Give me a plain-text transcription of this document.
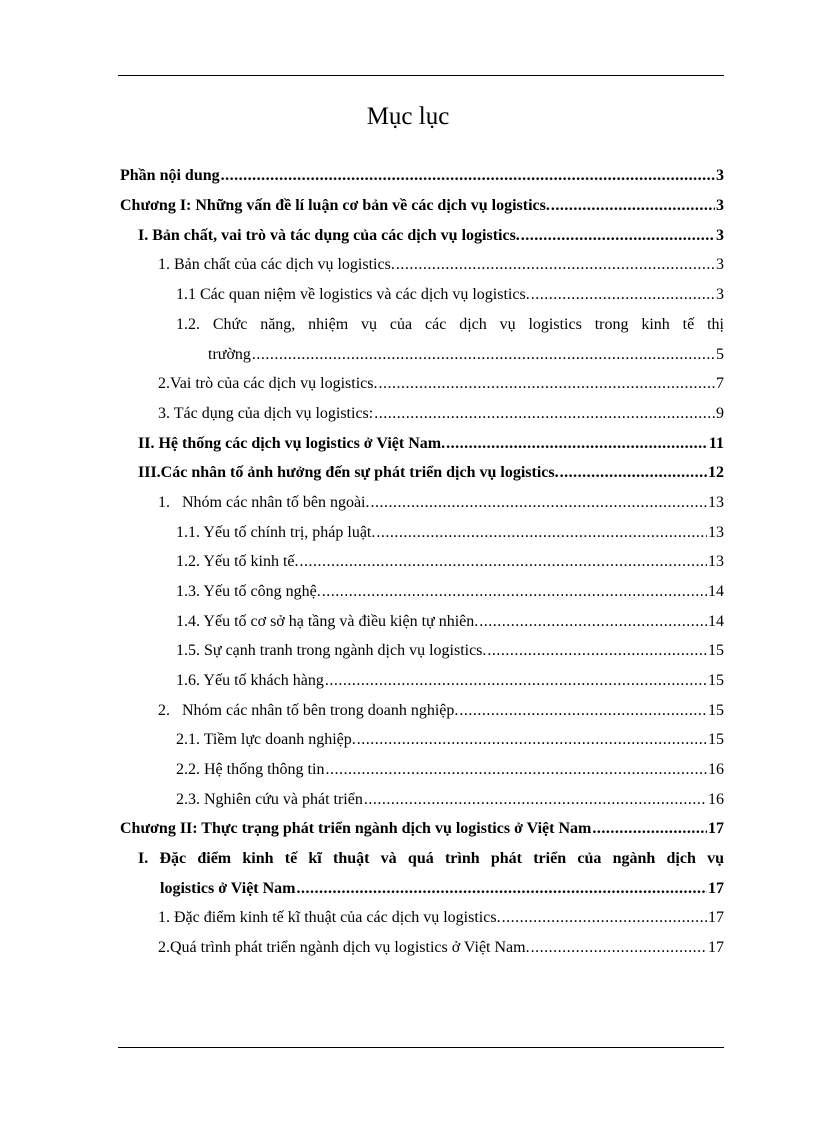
Mục lục
Phần nội dung .....	3
Chương I: Những vấn đề lí luận cơ bản về các dịch vụ logistics. .....	3
I. Bản chất, vai trò và tác dụng của các dịch vụ logistics. .....	3
1. Bản chất của các dịch vụ logistics. .....	3
1.1 Các quan niệm về logistics và các dịch vụ logistics. .....	3
1.2. Chức năng, nhiệm vụ của các dịch vụ logistics trong kinh tế thị
trường .....	5
2.Vai trò của các dịch vụ logistics. .....	7
3. Tác dụng của dịch vụ logistics: .....	9
II. Hệ thống các dịch vụ logistics ở Việt Nam. .....	11
III.Các nhân tố ảnh hưởng đến sự phát triển dịch vụ logistics. .....	12
1.   Nhóm các nhân tố bên ngoài. .....	13
1.1. Yếu tố chính trị, pháp luật. .....	13
1.2. Yếu tố kinh tế. .....	13
1.3. Yếu tố công nghệ. .....	14
1.4. Yếu tố cơ sở hạ tầng và điều kiện tự nhiên. .....	14
1.5. Sự cạnh tranh trong ngành dịch vụ logistics. .....	15
1.6. Yếu tố khách hàng .....	15
2.   Nhóm các nhân tố bên trong doanh nghiệp. .....	15
2.1. Tiềm lực doanh nghiệp. .....	15
2.2. Hệ thống thông tin .....	16
2.3. Nghiên cứu và phát triển .....	16
Chương II: Thực trạng phát triển ngành dịch vụ logistics ở Việt Nam .....	17
I. Đặc điểm kinh tế kĩ thuật và quá trình phát triển của ngành dịch vụ
logistics ở Việt Nam .....	17
1. Đặc điểm kinh tế kĩ thuật của các dịch vụ logistics. .....	17
2.Quá trình phát triển ngành dịch vụ logistics ở Việt Nam. .....	17
